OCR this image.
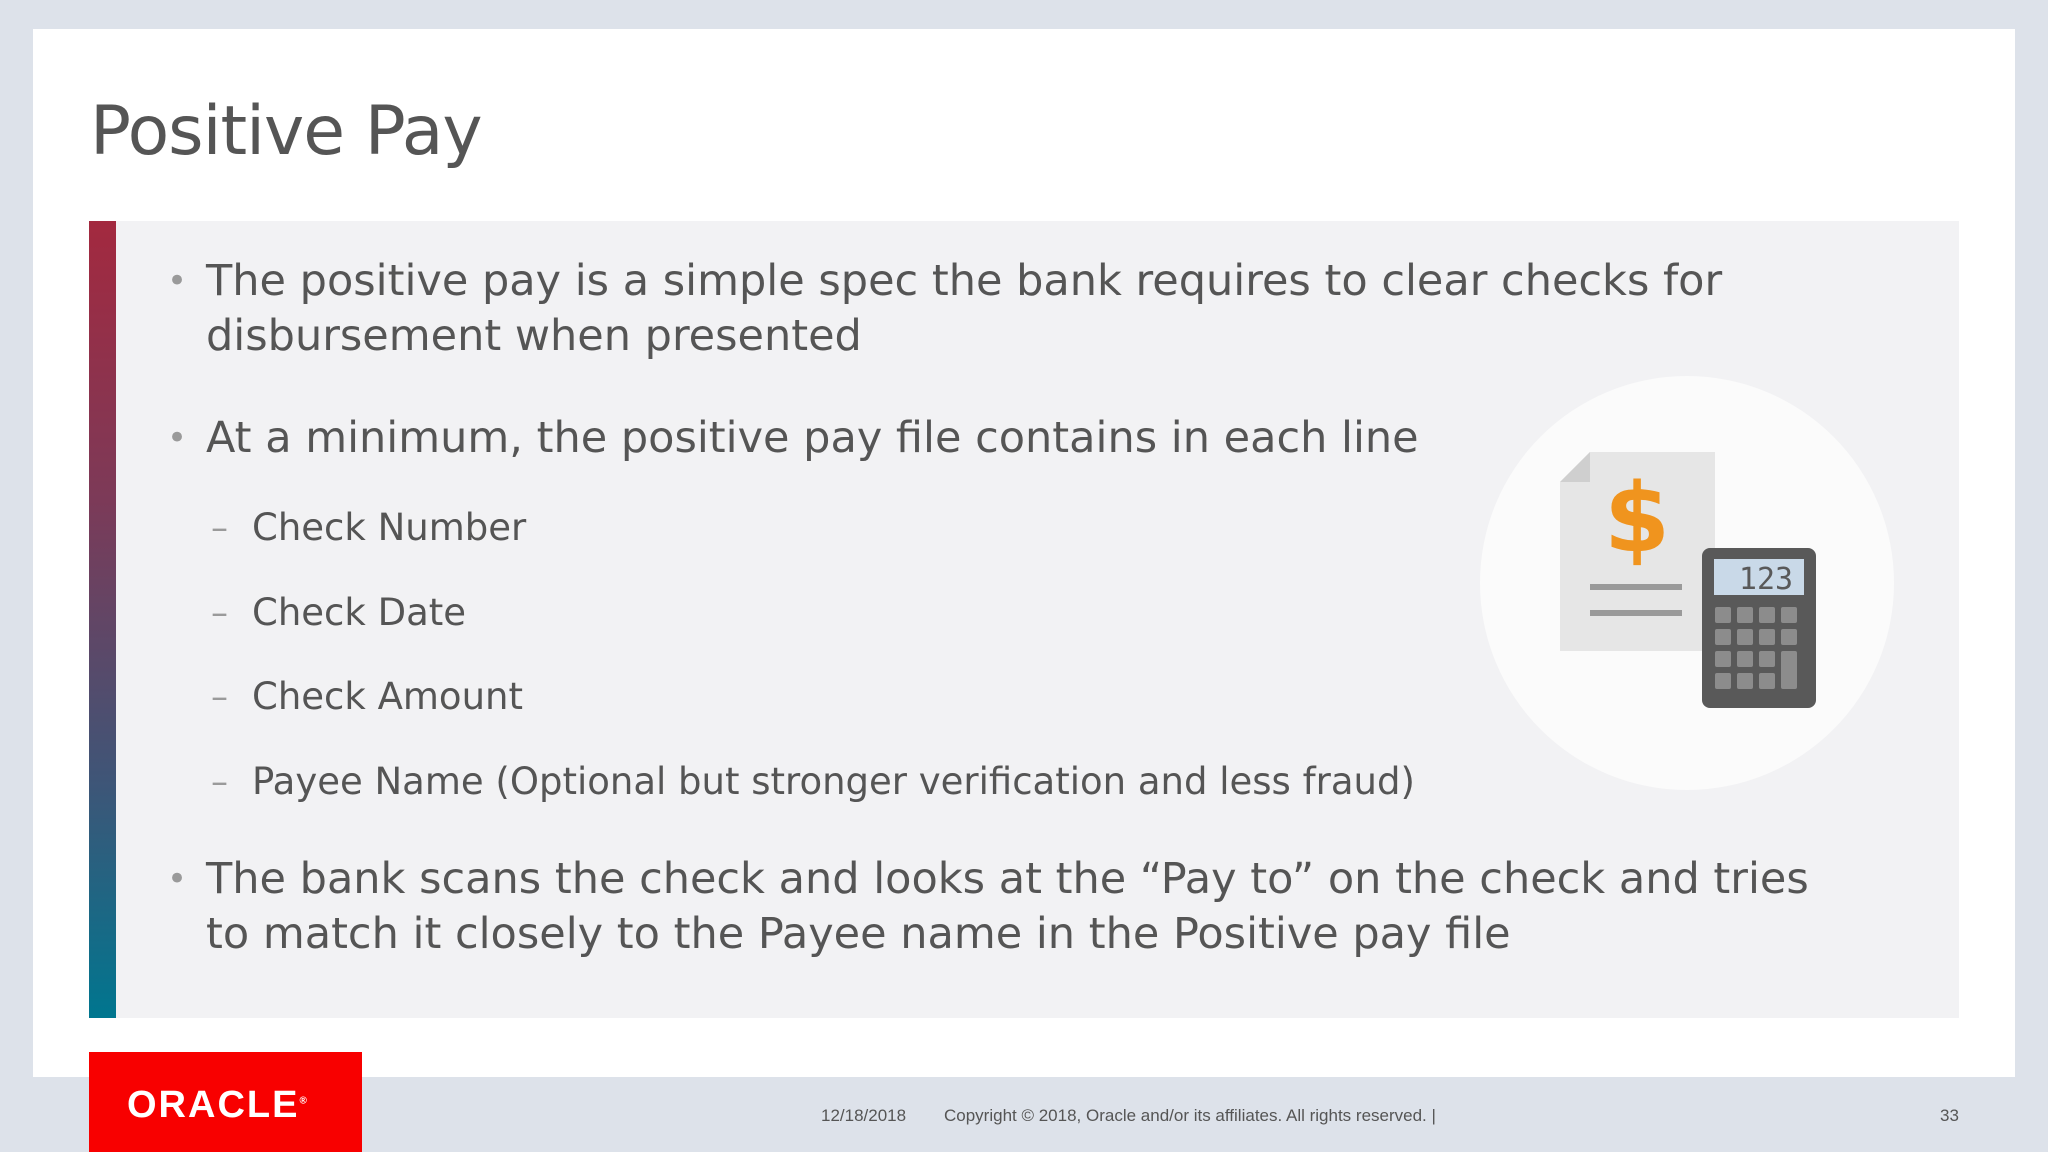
Positive Pay
• The positive pay is a simple spec the bank requires to clear checks for
disbursement when presented
• At a minimum, the positive pay file contains in each line
– Check Number
– Check Date
– Check Amount
– Payee Name (Optional but stronger verification and less fraud)
• The bank scans the check and looks at the “Pay to” on the check and tries
to match it closely to the Payee name in the Positive pay file
$
123
ORACLE®
12/18/2018 Copyright © 2018, Oracle and/or its affiliates. All rights reserved. |	33
